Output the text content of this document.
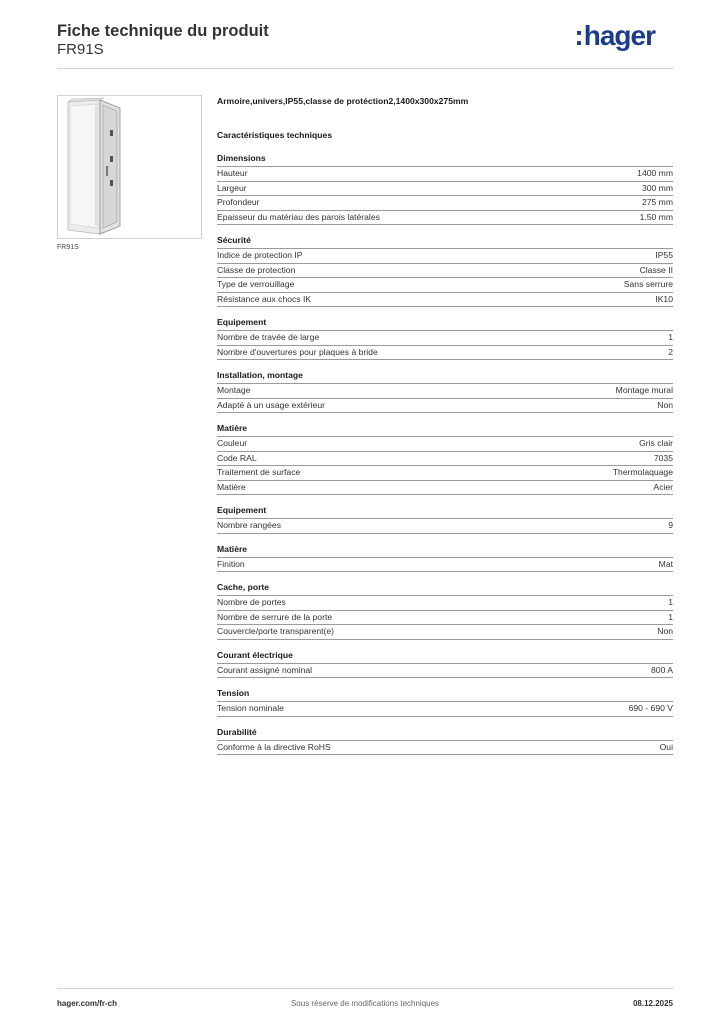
Fiche technique du produit
FR91S	:hager
FR91S
Armoire,univers,IP55,classe de protéction2,1400x300x275mm
Caractéristiques techniques
Dimensions
Hauteur	1400 mm
Largeur	300 mm
Profondeur	275 mm
Epaisseur du matériau des parois latérales	1.50 mm
Sécurité
Indice de protection IP	IP55
Classe de protection	Classe II
Type de verrouillage	Sans serrure
Résistance aux chocs IK	IK10
Equipement
Nombre de travée de large	1
Nombre d'ouvertures pour plaques à bride	2
Installation, montage
Montage	Montage mural
Adapté à un usage extérieur	Non
Matière
Couleur	Gris clair
Code RAL	7035
Traitement de surface	Thermolaquage
Matière	Acier
Equipement
Nombre rangées	9
Matière
Finition	Mat
Cache, porte
Nombre de portes	1
Nombre de serrure de la porte	1
Couvercle/porte transparent(e)	Non
Courant électrique
Courant assigné nominal	800 A
Tension
Tension nominale	690 - 690 V
Durabilité
Conforme à la directive RoHS	Oui
hager.com/fr-ch	Sous réserve de modifications techniques	08.12.2025
